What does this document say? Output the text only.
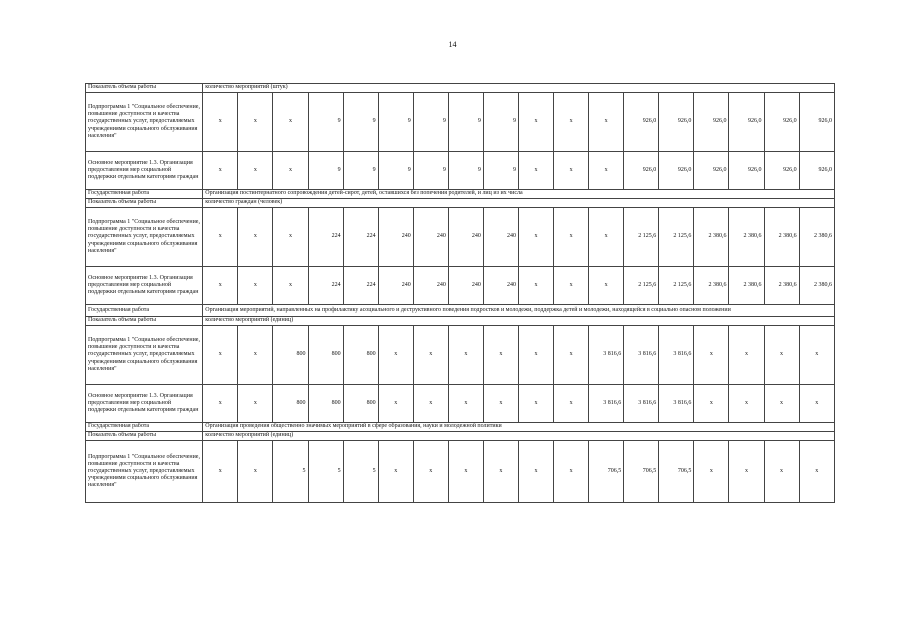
14
Показатель объема работы	количество мероприятий (штук)																	
Подпрограмма 1 "Социальное обеспечение, повышение доступности и качества государственных услуг, предоставляемых учреждениями социального обслуживания населения"	x	x	x	9	9	9	9	9	9	x	x	x	926,0	926,0	926,0	926,0	926,0	926,0
Основное мероприятие 1.3. Организация предоставления мер социальной поддержки отдельным категориям граждан	x	x	x	9	9	9	9	9	9	x	x	x	926,0	926,0	926,0	926,0	926,0	926,0
Государственная работа	Организация постинтернатного сопровождения детей-сирот, детей, оставшихся без попечения родителей, и лиц из их числа																	
Показатель объема работы	количество граждан (человек)																	
Подпрограмма 1 "Социальное обеспечение, повышение доступности и качества государственных услуг, предоставляемых учреждениями социального обслуживания населения"	x	x	x	224	224	240	240	240	240	x	x	x	2 125,6	2 125,6	2 380,6	2 380,6	2 380,6	2 380,6
Основное мероприятие 1.3. Организация предоставления мер социальной поддержки отдельным категориям граждан	x	x	x	224	224	240	240	240	240	x	x	x	2 125,6	2 125,6	2 380,6	2 380,6	2 380,6	2 380,6
Государственная работа	Организация мероприятий, направленных на профилактику асоциального и деструктивного поведения подростков и молодежи, поддержка детей и молодежи, находящейся в социально опасном положении																	
Показатель объема работы	количество мероприятий (единиц)																	
Подпрограмма 1 "Социальное обеспечение, повышение доступности и качества государственных услуг, предоставляемых учреждениями социального обслуживания населения"	x	x	800	800	800	x	x	x	x	x	x	3 816,6	3 816,6	3 816,6	x	x	x	x
Основное мероприятие 1.3. Организация предоставления мер социальной поддержки отдельным категориям граждан	x	x	800	800	800	x	x	x	x	x	x	3 816,6	3 816,6	3 816,6	x	x	x	x
Государственная работа	Организация проведения общественно значимых мероприятий в сфере образования, науки и молодежной политики																	
Показатель объема работы	количество мероприятий (единиц)																	
Подпрограмма 1 "Социальное обеспечение, повышение доступности и качества государственных услуг, предоставляемых учреждениями социального обслуживания населения"	x	x	5	5	5	x	x	x	x	x	x	706,5	706,5	706,5	x	x	x	x
